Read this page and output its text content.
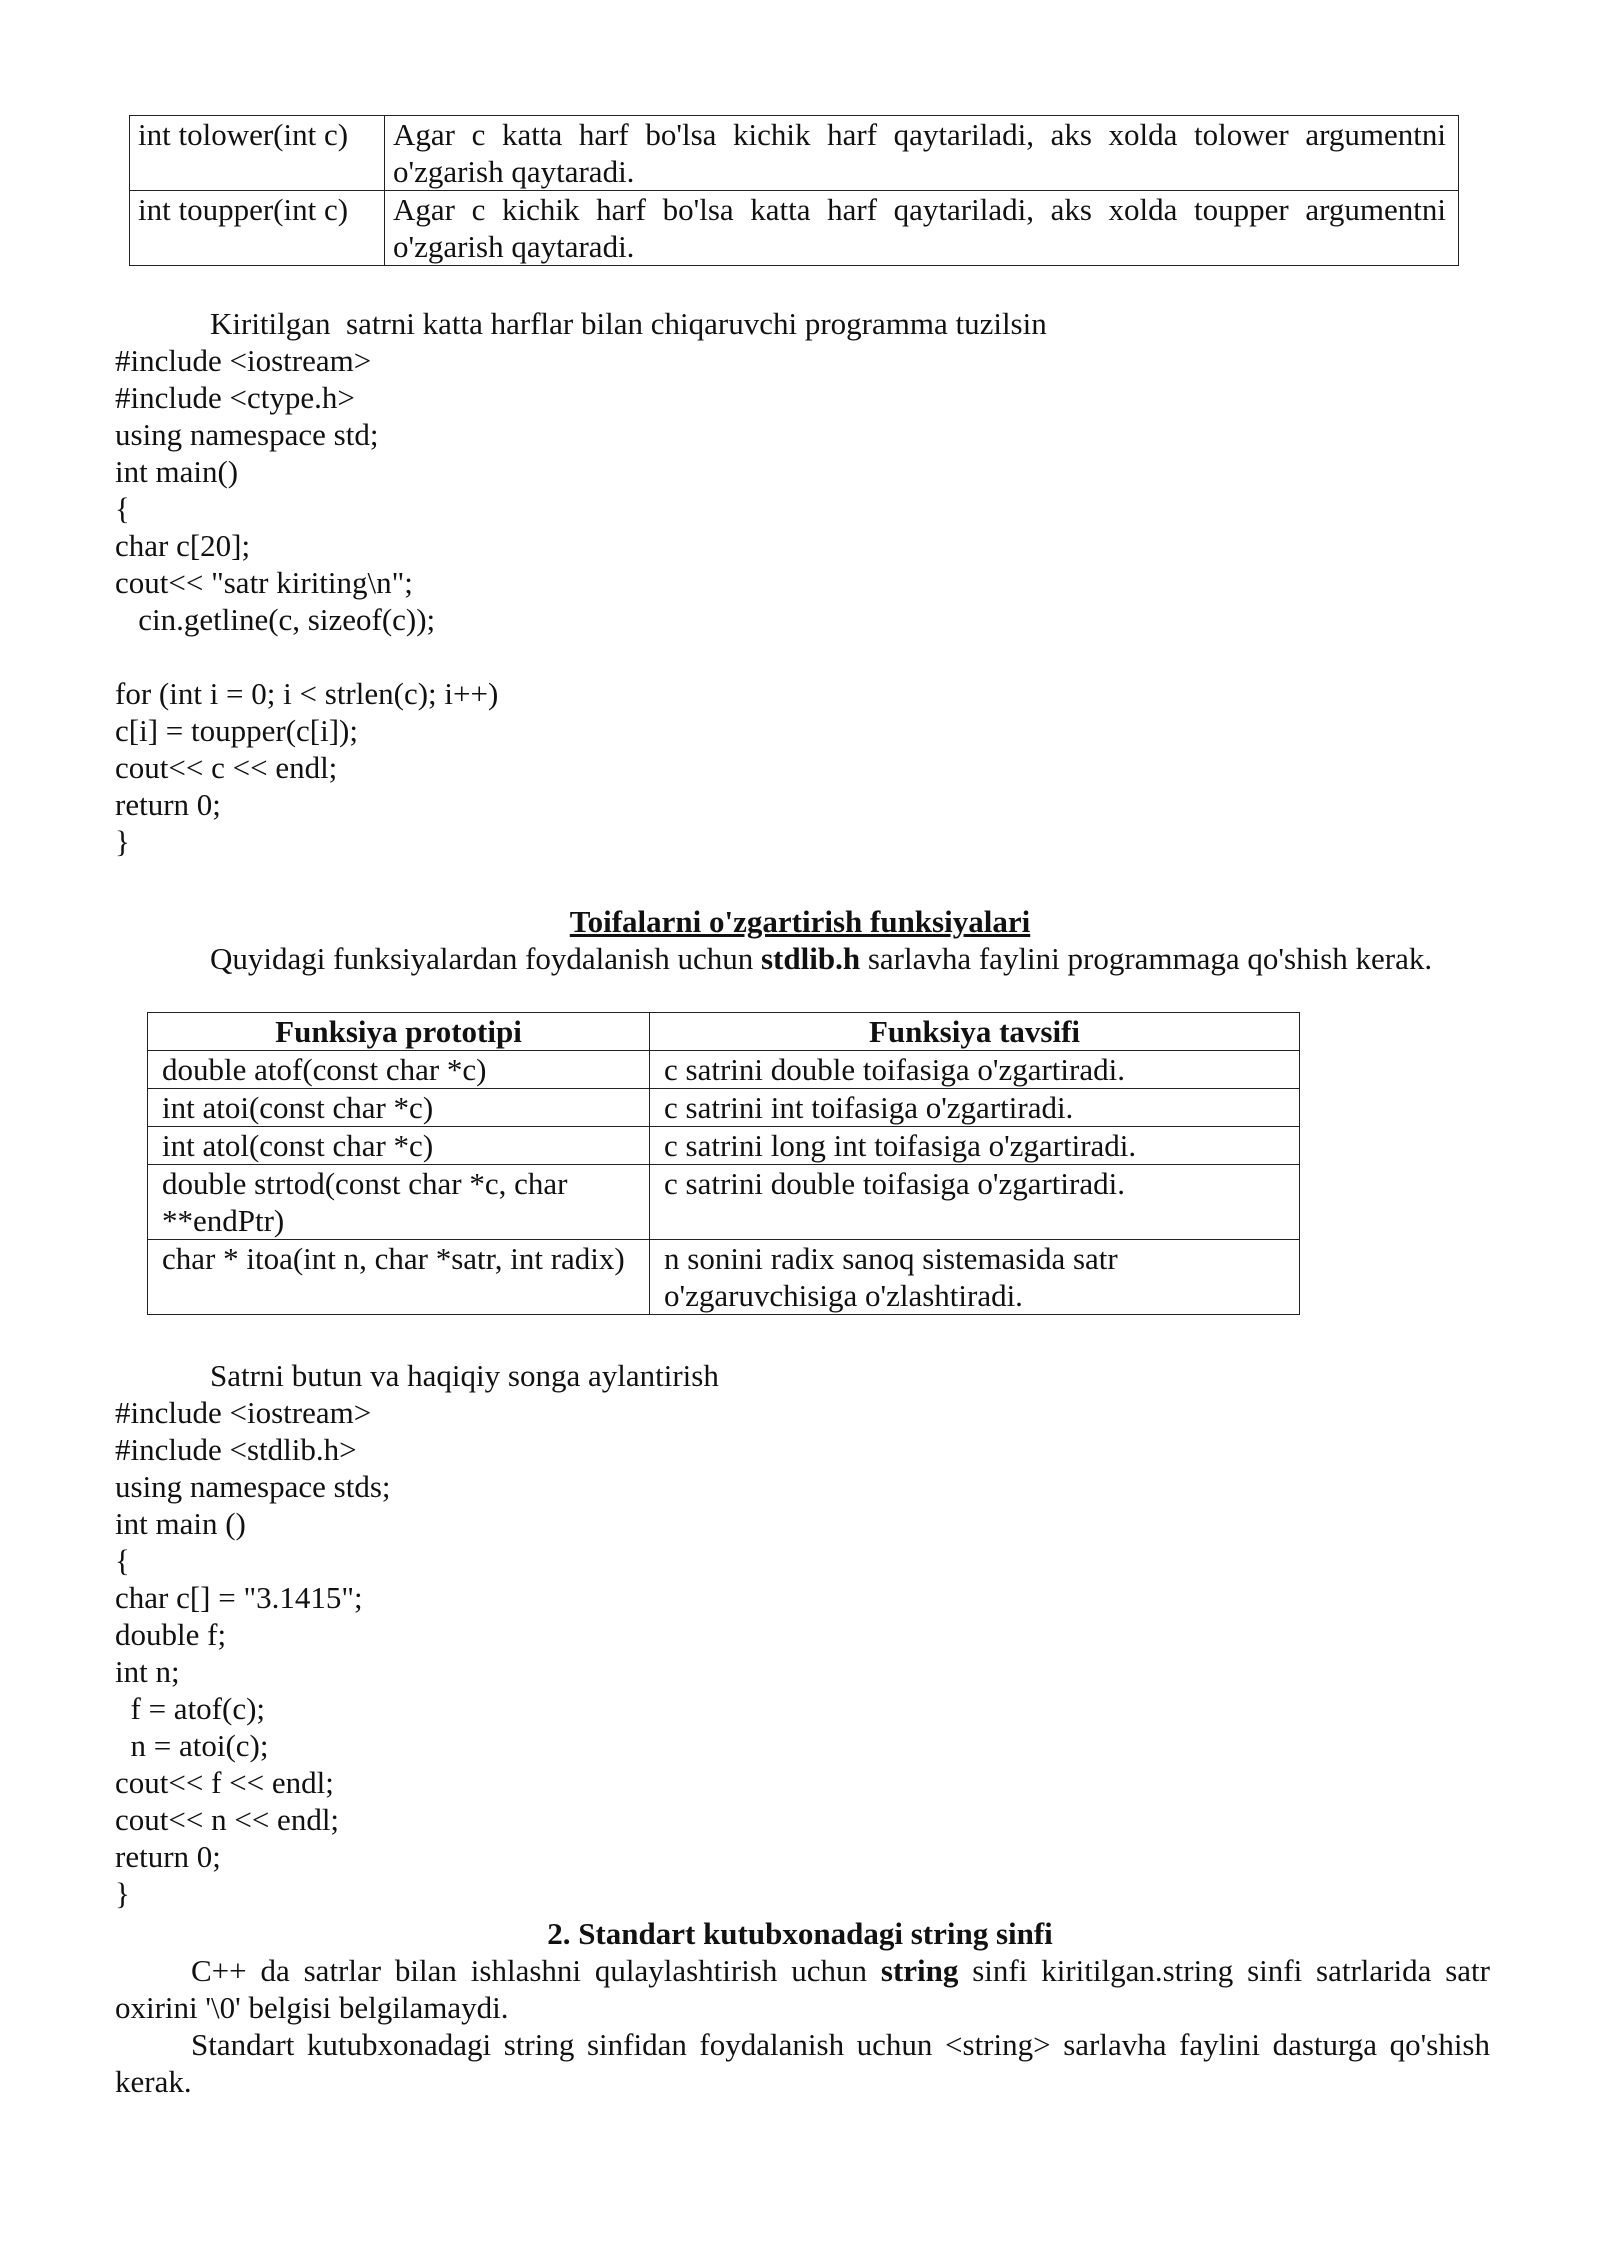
int tolower(int c)	Agar c katta harf bo'lsa kichik harf qaytariladi, aks xolda tolower argumentni o'zgarish qaytaradi.
int toupper(int c)	Agar c kichik harf bo'lsa katta harf qaytariladi, aks xolda toupper argumentni o'zgarish qaytaradi.
Kiritilgan  satrni katta harflar bilan chiqaruvchi programma tuzilsin
#include <iostream>
#include <ctype.h>
using namespace std;
int main()
{
char c[20];
cout<< "satr kiriting\n";
cin.getline(c, sizeof(c));
for (int i = 0; i < strlen(c); i++)
c[i] = toupper(c[i]);
cout<< c << endl;
return 0;
}
Toifalarni o'zgartirish funksiyalari
Quyidagi funksiyalardan foydalanish uchun stdlib.h sarlavha faylini programmaga qo'shish kerak.
Funksiya prototipi	Funksiya tavsifi
double atof(const char *c)	c satrini double toifasiga o'zgartiradi.
int atoi(const char *c)	c satrini int toifasiga o'zgartiradi.
int atol(const char *c)	c satrini long int toifasiga o'zgartiradi.
double strtod(const char *c, char **endPtr)	c satrini double toifasiga o'zgartiradi.
char * itoa(int n, char *satr, int radix)	n sonini radix sanoq sistemasida satr o'zgaruvchisiga o'zlashtiradi.
Satrni butun va haqiqiy songa aylantirish
#include <iostream>
#include <stdlib.h>
using namespace stds;
int main ()
{
char c[] = "3.1415";
double f;
int n;
f = atof(c);
n = atoi(c);
cout<< f << endl;
cout<< n << endl;
return 0;
}
2. Standart kutubxonadagi string sinfi
C++ da satrlar bilan ishlashni qulaylashtirish uchun string sinfi kiritilgan.string sinfi satrlarida satr oxirini '\0' belgisi belgilamaydi.
Standart kutubxonadagi string sinfidan foydalanish uchun <string> sarlavha faylini dasturga qo'shish kerak.
